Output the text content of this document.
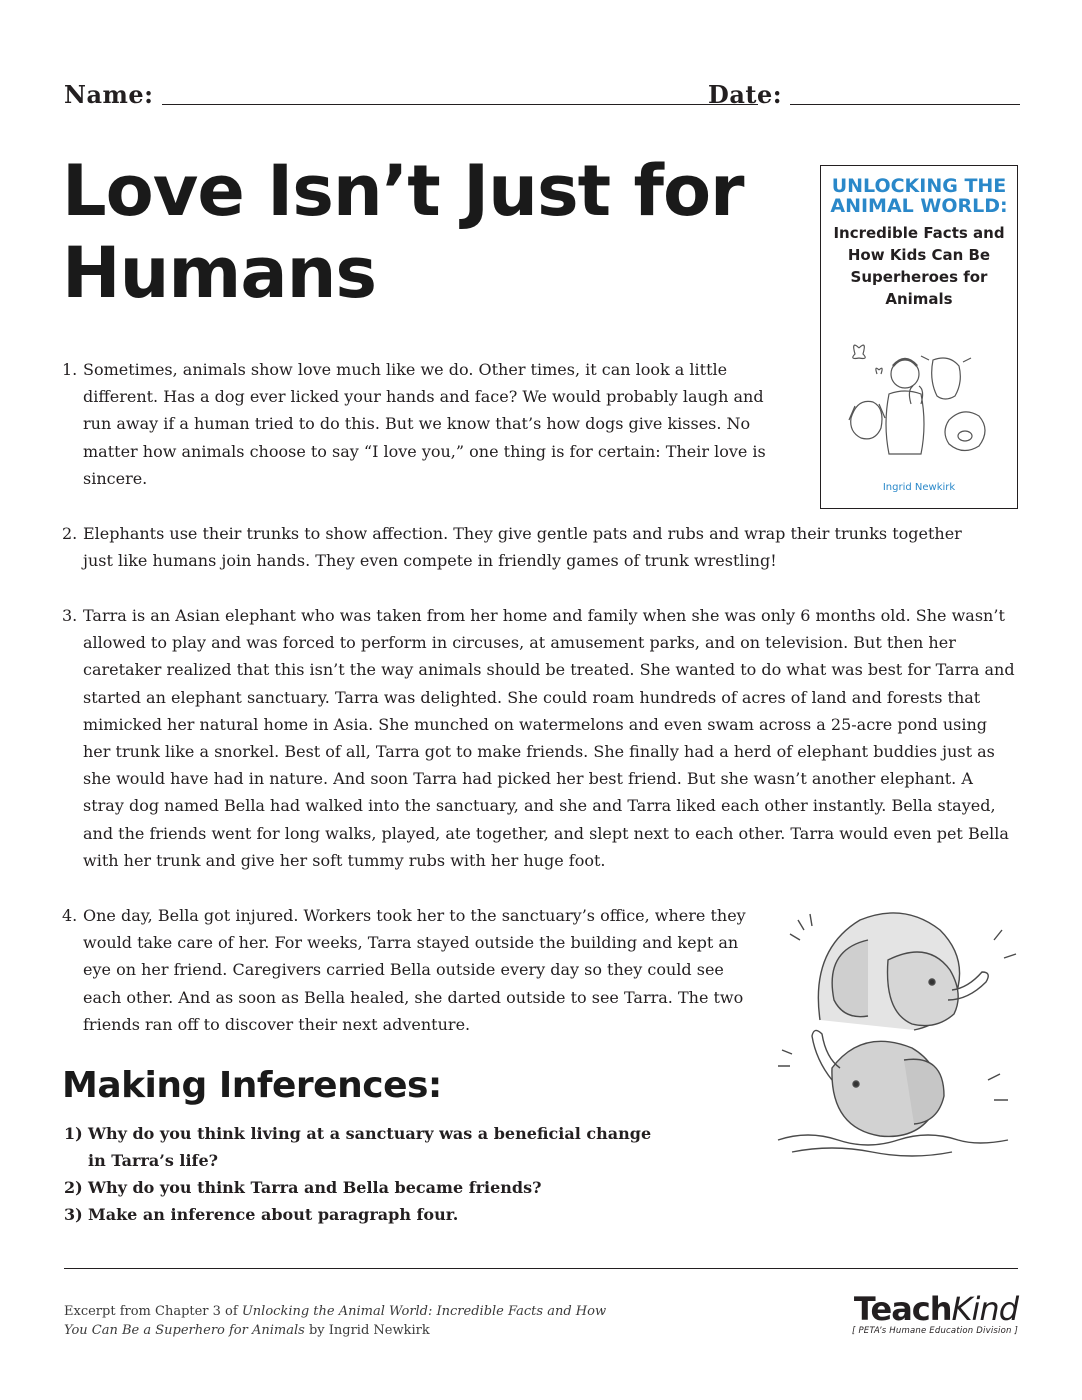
Name:	Date:
Love Isn’t Just for Humans
UNLOCKING THE ANIMAL WORLD:
Incredible Facts and How Kids Can Be Superheroes for Animals
Ingrid Newkirk
1. Sometimes, animals show love much like we do. Other times, it can look a little different. Has a dog ever licked your hands and face? We would probably laugh and run away if a human tried to do this. But we know that’s how dogs give kisses. No matter how animals choose to say “I love you,” one thing is for certain: Their love is sincere.
2. Elephants use their trunks to show affection. They give gentle pats and rubs and wrap their trunks together just like humans join hands. They even compete in friendly games of trunk wrestling!
3. Tarra is an Asian elephant who was taken from her home and family when she was only 6 months old. She wasn’t allowed to play and was forced to perform in circuses, at amusement parks, and on television. But then her caretaker realized that this isn’t the way animals should be treated. She wanted to do what was best for Tarra and started an elephant sanctuary. Tarra was delighted. She could roam hundreds of acres of land and forests that mimicked her natural home in Asia. She munched on watermelons and even swam across a 25-acre pond using her trunk like a snorkel. Best of all, Tarra got to make friends. She finally had a herd of elephant buddies just as she would have had in nature. And soon Tarra had picked her best friend. But she wasn’t another elephant. A stray dog named Bella had walked into the sanctuary, and she and Tarra liked each other instantly. Bella stayed, and the friends went for long walks, played, ate together, and slept next to each other. Tarra would even pet Bella with her trunk and give her soft tummy rubs with her huge foot.
4. One day, Bella got injured. Workers took her to the sanctuary’s office, where they would take care of her. For weeks, Tarra stayed outside the building and kept an eye on her friend. Caregivers carried Bella outside every day so they could see each other. And as soon as Bella healed, she darted outside to see Tarra. The two friends ran off to discover their next adventure.
Making Inferences:
1) Why do you think living at a sanctuary was a beneficial change in Tarra’s life?
2) Why do you think Tarra and Bella became friends?
3) Make an inference about paragraph four.
Excerpt from Chapter 3 of Unlocking the Animal World: Incredible Facts and How You Can Be a Superhero for Animals by Ingrid Newkirk
TeachKind
[ PETA’s Humane Education Division ]
